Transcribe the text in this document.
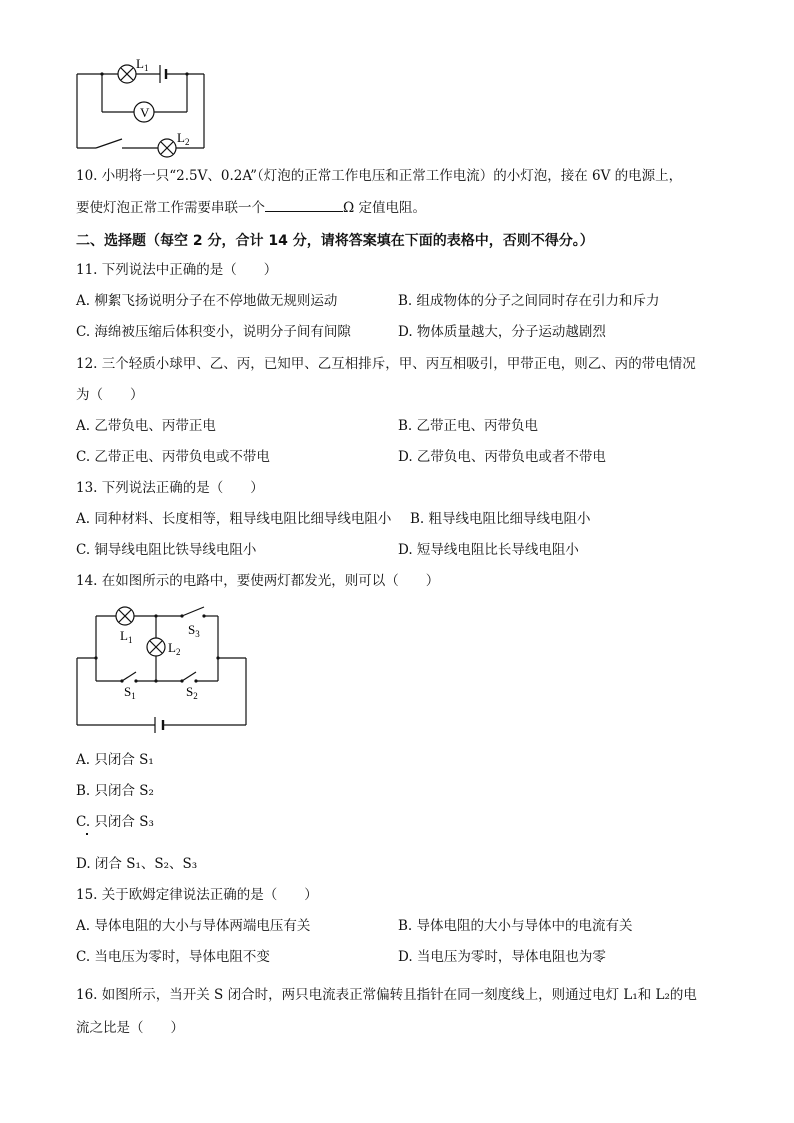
V
$L_1$
$L_2$
10. 小明将一只“2.5V、0.2A”（灯泡的正常工作电压和正常工作电流）的小灯泡，接在 6V 的电源上，
要使灯泡正常工作需要串联一个	Ω 定值电阻。
二、选择题（每空 2 分，合计 14 分，请将答案填在下面的表格中，否则不得分。）
11. 下列说法中正确的是（　　）
A. 柳絮飞扬说明分子在不停地做无规则运动	B. 组成物体的分子之间同时存在引力和斥力
C. 海绵被压缩后体积变小，说明分子间有间隙	D. 物体质量越大，分子运动越剧烈
12. 三个轻质小球甲、乙、丙，已知甲、乙互相排斥，甲、丙互相吸引，甲带正电，则乙、丙的带电情况
为（　　）
A. 乙带负电、丙带正电	B. 乙带正电、丙带负电
C. 乙带正电、丙带负电或不带电	D. 乙带负电、丙带负电或者不带电
13. 下列说法正确的是（　　）
A. 同种材料、长度相等，粗导线电阻比细导线电阻小 B. 粗导线电阻比细导线电阻小
C. 铜导线电阻比铁导线电阻小	D. 短导线电阻比长导线电阻小
14. 在如图所示的电路中，要使两灯都发光，则可以（　　）
$L_1$	$L_2$
$S_3$
$S_1$	$S_2$
A. 只闭合 S₁
B. 只闭合 S₂
C. 只闭合 S₃
D. 闭合 S₁、S₂、S₃
15. 关于欧姆定律说法正确的是（　　）
A. 导体电阻的大小与导体两端电压有关	B. 导体电阻的大小与导体中的电流有关
C. 当电压为零时，导体电阻不变	D. 当电压为零时，导体电阻也为零
16. 如图所示，当开关 S 闭合时，两只电流表正常偏转且指针在同一刻度线上，则通过电灯 L₁和 L₂的电
流之比是（　　）
